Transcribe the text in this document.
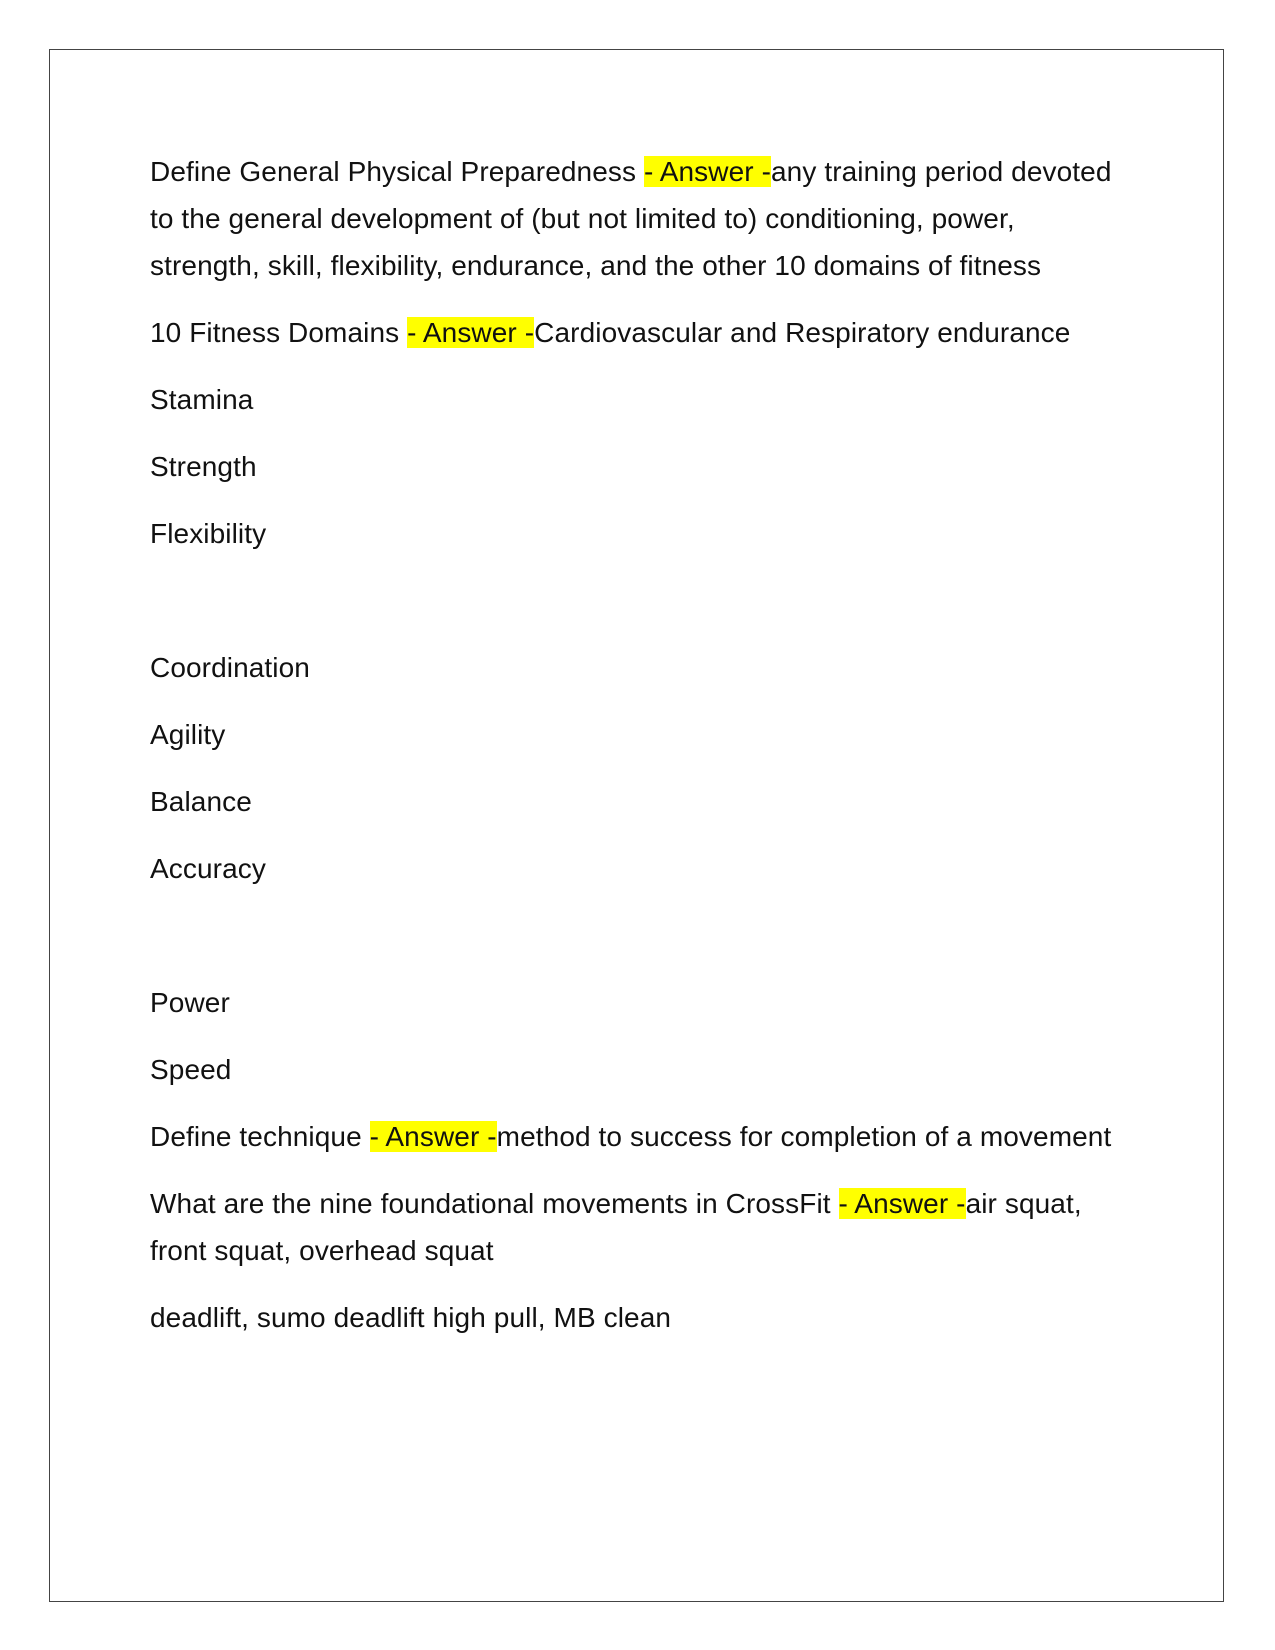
Define General Physical Preparedness - Answer -any training period devoted to the general development of (but not limited to) conditioning, power, strength, skill, flexibility, endurance, and the other 10 domains of fitness

10 Fitness Domains - Answer -Cardiovascular and Respiratory endurance

Stamina

Strength

Flexibility

Coordination

Agility

Balance

Accuracy

Power

Speed

Define technique - Answer -method to success for completion of a movement

What are the nine foundational movements in CrossFit - Answer -air squat, front squat, overhead squat

deadlift, sumo deadlift high pull, MB clean
